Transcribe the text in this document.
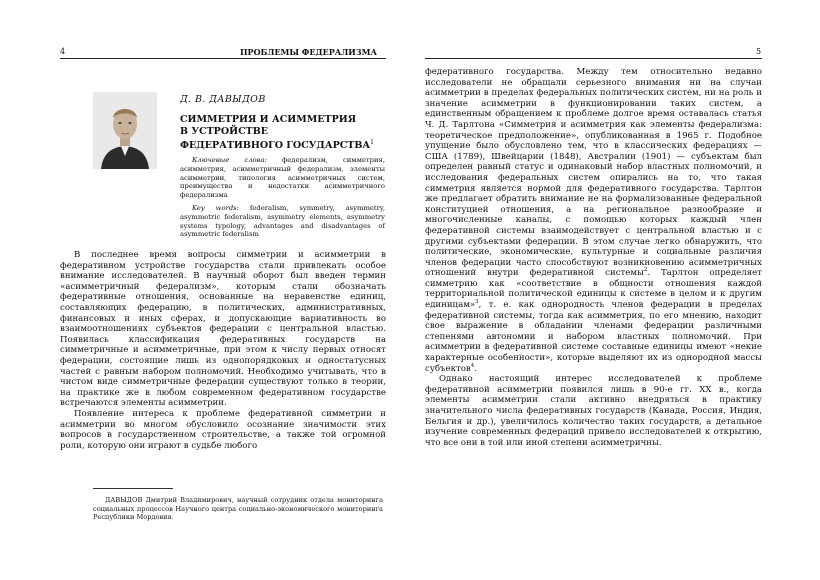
4	ПРОБЛЕМЫ ФЕДЕРАЛИЗМА
Д. В. ДАВЫДОВ
СИММЕТРИЯ И АСИММЕТРИЯ
В УСТРОЙСТВЕ
ФЕДЕРАТИВНОГО ГОСУДАРСТВА$^1$
Ключевые слова: федерализм, симметрия, асимметрия, асимметричный федерализм, элементы асимметрии, типология асимметричных систем, преимущества и недостатки асимметричного федерализма
Key words: federalism, symmetry, asymmetry, asymmetric federalism, asymmetry elements, asymmetry systems typology, advantages and disadvantages of asymmetric federalism

В последнее время вопросы симметрии и асимметрии в федеративном устройстве государства стали привлекать особое внимание исследователей. В научный оборот был введен термин «асимметричный федерализм», которым стали обозначать федеративные отношения, основанные на неравенстве единиц, составляющих федерацию, в политических, административных, финансовых и иных сферах, и допускающие вариативность во взаимоотношениях субъектов федерации с центральной властью. Появилась классификация федеративных государств на симметричные и асимметричные, при этом к числу первых относят федерации, состоящие лишь из однопорядковых и одностатусных частей с равным набором полномочий. Необходимо учитывать, что в чистом виде симметричные федерации существуют только в теории, на практике же в любом современном федеративном государстве встречаются элементы асимметрии.

Появление интереса к проблеме федеративной симметрии и асимметрии во многом обусловило осознание значимости этих вопросов в государственном строительстве, а также той огромной роли, которую они играют в судьбе любого

ДАВЫДОВ Дмитрий Владимирович, научный сотрудник отдела мониторинга социальных процессов Научного центра социально-экономического мониторинга Республики Мордовия.
5

федеративного государства. Между тем относительно недавно исследователи не обращали серьезного внимания ни на случаи асимметрии в пределах федеральных политических систем, ни на роль и значение асимметрии в функционировании таких систем, а единственным обращением к проблеме долгое время оставалась статья Ч. Д. Тарлтона «Симметрия и асимметрия как элементы федерализма: теоретическое предположение», опубликованная в 1965 г. Подобное упущение было обусловлено тем, что в классических федерациях — США (1789), Швейцарии (1848), Австралии (1901) — субъектам был определен равный статус и одинаковый набор властных полномочий, и исследования федеральных систем опирались на то, что такая симметрия является нормой для федеративного государства. Тарлтон же предлагает обратить внимание не на формализованные федеральной конституцией отношения, а на региональное разнообразие и многочисленные каналы, с помощью которых каждый член федеративной системы взаимодействует с центральной властью и с другими субъектами федерации. В этом случае легко обнаружить, что политические, экономические, культурные и социальные различия членов федерации часто способствуют возникновению асимметричных отношений внутри федеративной системы$^2$. Тарлтон определяет симметрию как «соответствие в общности отношения каждой территориальной политической единицы к системе в целом и к другим единицам»$^3$, т. е. как однородность членов федерации в пределах федеративной системы, тогда как асимметрия, по его мнению, находит свое выражение в обладании членами федерации различными степенями автономии и набором властных полномочий. При асимметрии в федеративной системе составные единицы имеют «некие характерные особенности», которые выделяют их из однородной массы субъектов$^4$.

Однако настоящий интерес исследователей к проблеме федеративной асимметрии появился лишь в 90-е гг. XX в., когда элементы асимметрии стали активно внедряться в практику значительного числа федеративных государств (Канада, Россия, Индия, Бельгия и др.), увеличилось количество таких государств, а детальное изучение современных федераций привело исследователей к открытию, что все они в той или иной степени асимметричны.
